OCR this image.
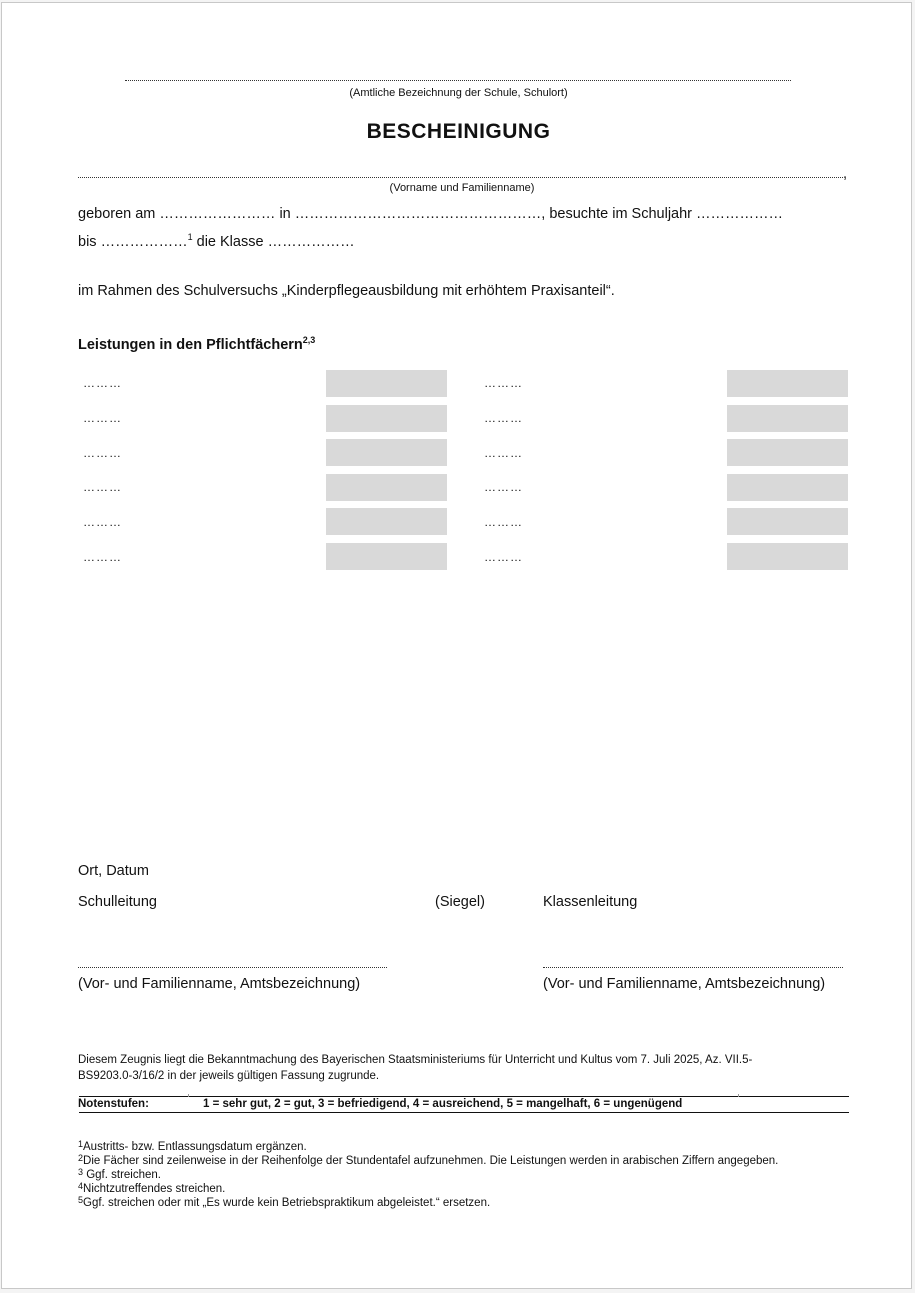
(Amtliche Bezeichnung der Schule, Schulort)
BESCHEINIGUNG
,
(Vorname und Familienname)
geboren am …………………… in ……………………………………………, besuchte im Schuljahr ………………
bis ………………$^1$ die Klasse ………………
im Rahmen des Schulversuchs „Kinderpflegeausbildung mit erhöhtem Praxisanteil“.
Leistungen in den Pflichtfächern$^{2,3}$
………	………
………	………
………	………
………	………
………	………
………	………
Ort, Datum
Schulleitung	(Siegel)	Klassenleitung
(Vor- und Familienname, Amtsbezeichnung)	(Vor- und Familienname, Amtsbezeichnung)
Diesem Zeugnis liegt die Bekanntmachung des Bayerischen Staatsministeriums für Unterricht und Kultus vom 7. Juli 2025, Az. VII.5-
BS9203.0-3/16/2 in der jeweils gültigen Fassung zugrunde.
Notenstufen:	1 = sehr gut, 2 = gut, 3 = befriedigend, 4 = ausreichend, 5 = mangelhaft, 6 = ungenügend
$^1$Austritts- bzw. Entlassungsdatum ergänzen.
$^2$Die Fächer sind zeilenweise in der Reihenfolge der Stundentafel aufzunehmen. Die Leistungen werden in arabischen Ziffern angegeben.
$^3$ Ggf. streichen.
$^4$Nichtzutreffendes streichen.
$^5$Ggf. streichen oder mit „Es wurde kein Betriebspraktikum abgeleistet.“ ersetzen.
